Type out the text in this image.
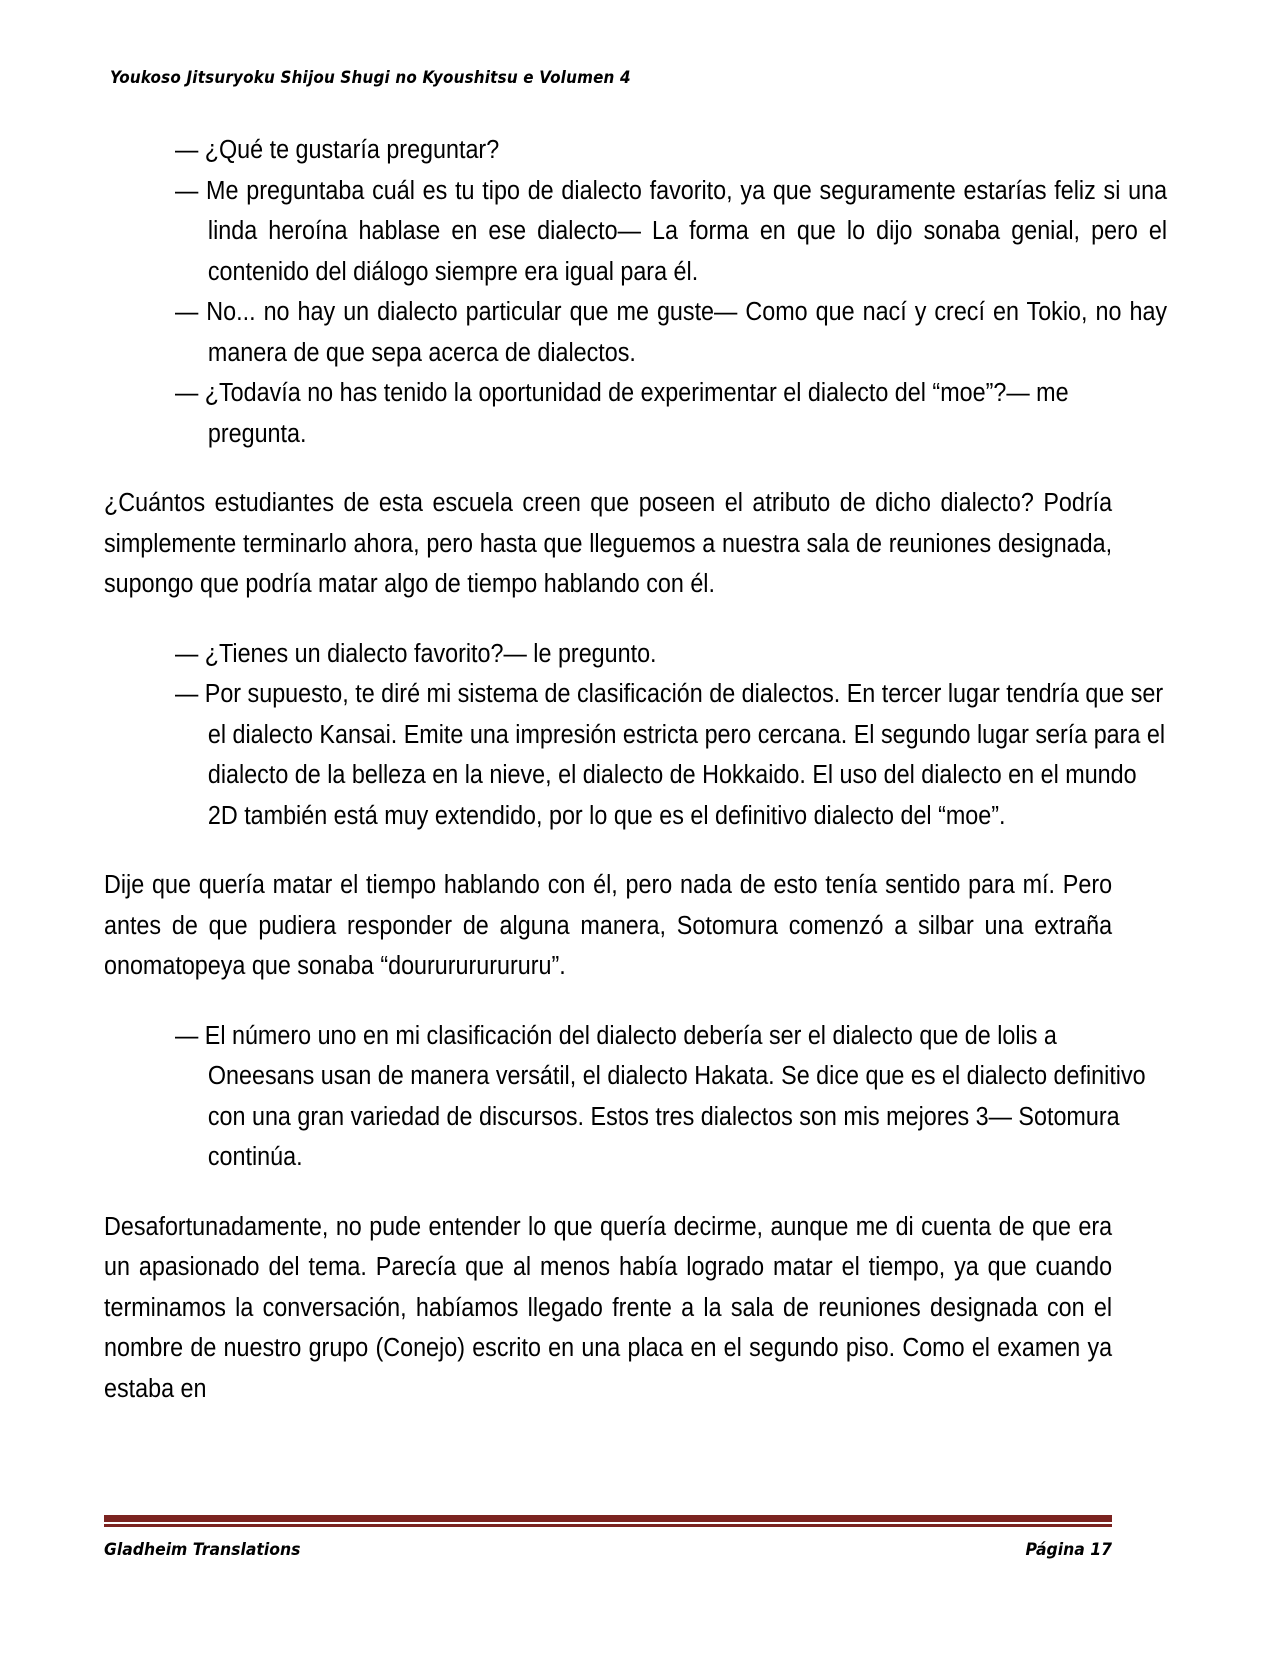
Youkoso Jitsuryoku Shijou Shugi no Kyoushitsu e Volumen 4
— ¿Qué te gustaría preguntar?
— Me preguntaba cuál es tu tipo de dialecto favorito, ya que seguramente estarías feliz si una linda heroína hablase en ese dialecto— La forma en que lo dijo sonaba genial, pero el contenido del diálogo siempre era igual para él.
— No... no hay un dialecto particular que me guste— Como que nací y crecí en Tokio, no hay manera de que sepa acerca de dialectos.
— ¿Todavía no has tenido la oportunidad de experimentar el dialecto del “moe”?— me pregunta.

¿Cuántos estudiantes de esta escuela creen que poseen el atributo de dicho dialecto? Podría simplemente terminarlo ahora, pero hasta que lleguemos a nuestra sala de reuniones designada, supongo que podría matar algo de tiempo hablando con él.

— ¿Tienes un dialecto favorito?— le pregunto.
— Por supuesto, te diré mi sistema de clasificación de dialectos. En tercer lugar tendría que ser el dialecto Kansai. Emite una impresión estricta pero cercana. El segundo lugar sería para el dialecto de la belleza en la nieve, el dialecto de Hokkaido. El uso del dialecto en el mundo 2D también está muy extendido, por lo que es el definitivo dialecto del “moe”.

Dije que quería matar el tiempo hablando con él, pero nada de esto tenía sentido para mí. Pero antes de que pudiera responder de alguna manera, Sotomura comenzó a silbar una extraña onomatopeya que sonaba “doururururururu”.

— El número uno en mi clasificación del dialecto debería ser el dialecto que de lolis a Oneesans usan de manera versátil, el dialecto Hakata. Se dice que es el dialecto definitivo con una gran variedad de discursos. Estos tres dialectos son mis mejores 3— Sotomura continúa.

Desafortunadamente, no pude entender lo que quería decirme, aunque me di cuenta de que era un apasionado del tema. Parecía que al menos había logrado matar el tiempo, ya que cuando terminamos la conversación, habíamos llegado frente a la sala de reuniones designada con el nombre de nuestro grupo (Conejo) escrito en una placa en el segundo piso. Como el examen ya estaba en

Gladheim Translations	Página 17
